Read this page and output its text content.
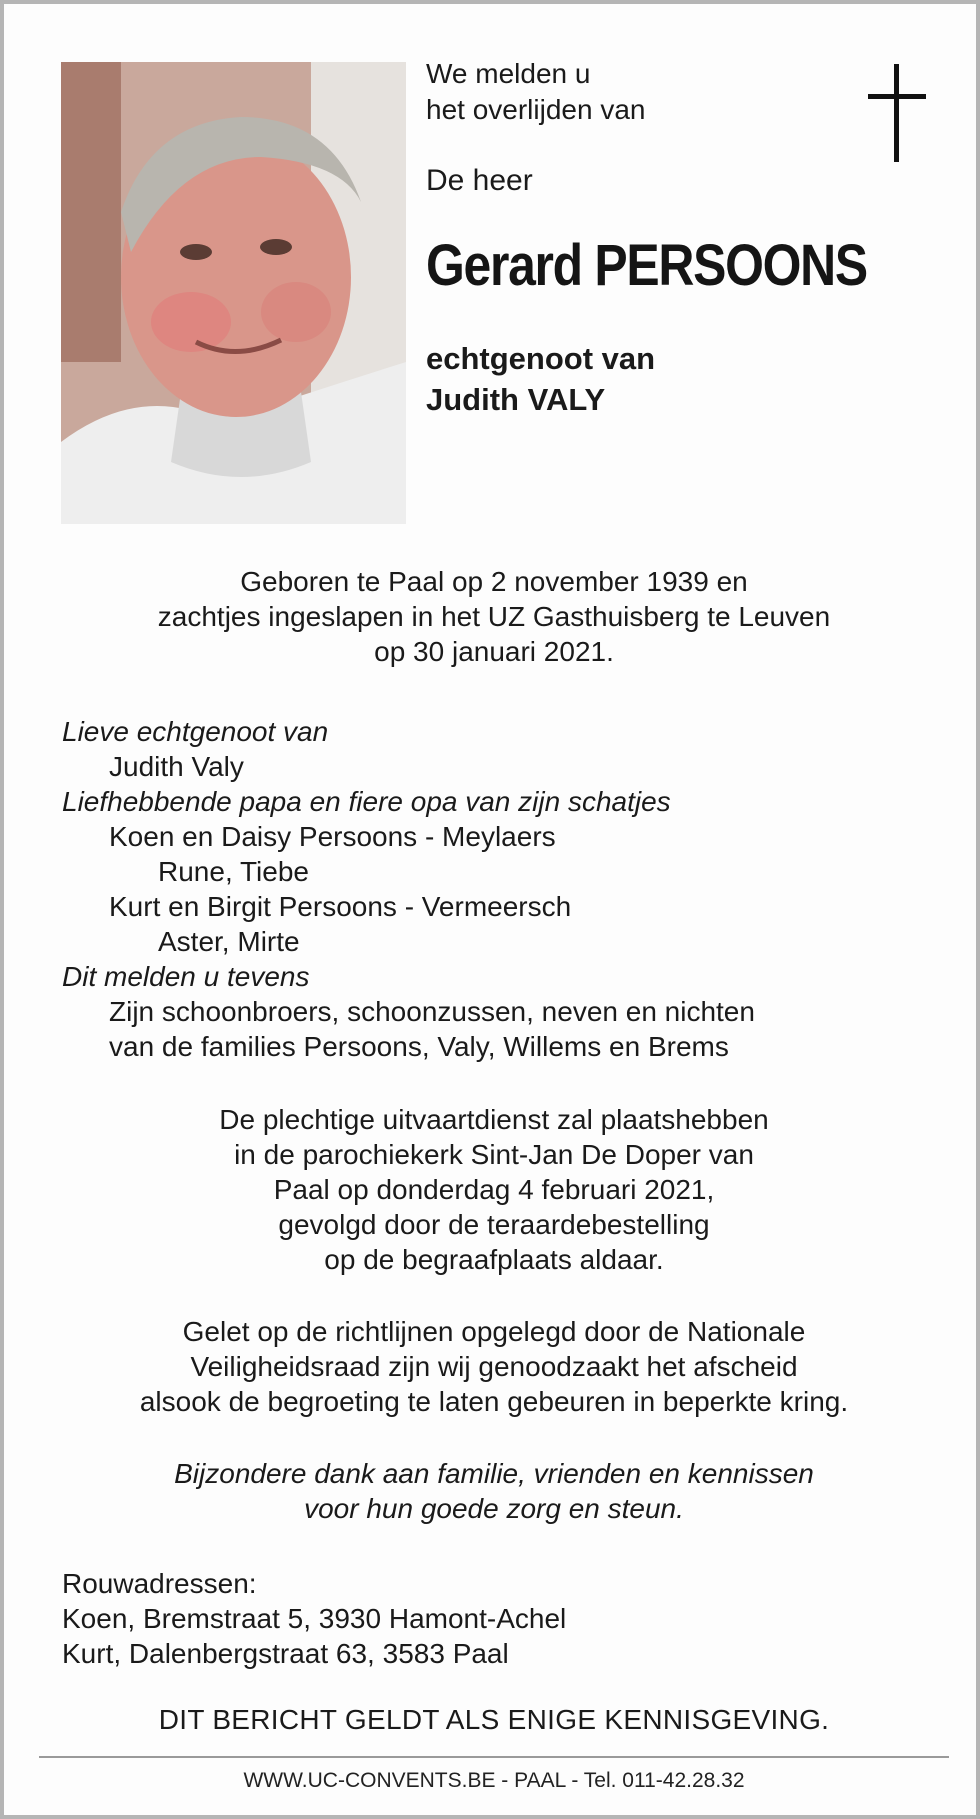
We melden u
het overlijden van
De heer
Gerard PERSOONS
echtgenoot van
Judith VALY
Geboren te Paal op 2 november 1939 en
zachtjes ingeslapen in het UZ Gasthuisberg te Leuven
op 30 januari 2021.
Lieve echtgenoot van
Judith Valy
Liefhebbende papa en fiere opa van zijn schatjes
Koen en Daisy Persoons - Meylaers
Rune, Tiebe
Kurt en Birgit Persoons - Vermeersch
Aster, Mirte
Dit melden u tevens
Zijn schoonbroers, schoonzussen, neven en nichten
van de families Persoons, Valy, Willems en Brems
De plechtige uitvaartdienst zal plaatshebben
in de parochiekerk Sint-Jan De Doper van
Paal op donderdag 4 februari 2021,
gevolgd door de teraardebestelling
op de begraafplaats aldaar.
Gelet op de richtlijnen opgelegd door de Nationale
Veiligheidsraad zijn wij genoodzaakt het afscheid
alsook de begroeting te laten gebeuren in beperkte kring.
Bijzondere dank aan familie, vrienden en kennissen
voor hun goede zorg en steun.
Rouwadressen:
Koen, Bremstraat 5, 3930 Hamont-Achel
Kurt, Dalenbergstraat 63, 3583 Paal
DIT BERICHT GELDT ALS ENIGE KENNISGEVING.
WWW.UC-CONVENTS.BE - PAAL - Tel. 011-42.28.32
